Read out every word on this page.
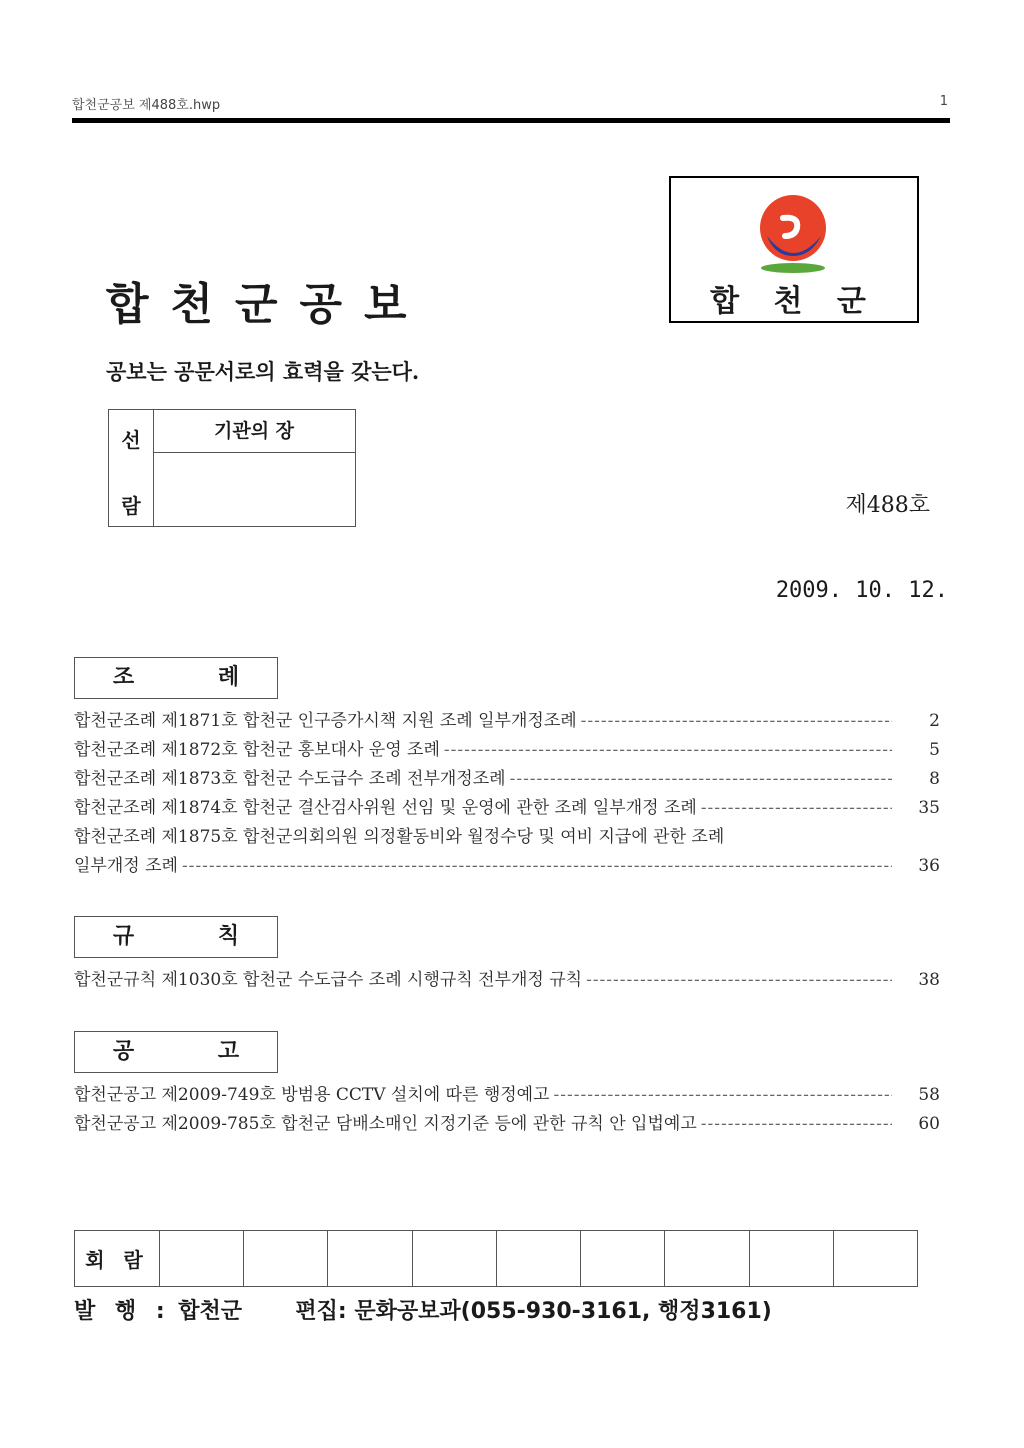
합천군공보 제488호.hwp	1
합천군공보
공보는 공문서로의 효력을 갖는다.
합 천 군
선
람
기관의 장
제488호
2009. 10. 12.
조 례
합천군조례 제1871호 합천군 인구증가시책 지원 조례 일부개정조례 -----	2
합천군조례 제1872호 합천군 홍보대사 운영 조례 -----	5
합천군조례 제1873호 합천군 수도급수 조례 전부개정조례 -----	8
합천군조례 제1874호 합천군 결산검사위원 선임 및 운영에 관한 조례 일부개정 조례 -----	35
합천군조례 제1875호 합천군의회의원 의정활동비와 월정수당 및 여비 지급에 관한 조례
일부개정 조례 -----	36
규 칙
합천군규칙 제1030호 합천군 수도급수 조례 시행규칙 전부개정 규칙 -----	38
공 고
합천군공고 제2009-749호 방범용 CCTV 설치에 따른 행정예고 -----	58
합천군공고 제2009-785호 합천군 담배소매인 지정기준 등에 관한 규칙 안 입법예고 -----	60
회 람
발 행 : 합천군 편집: 문화공보과(055-930-3161, 행정3161)
